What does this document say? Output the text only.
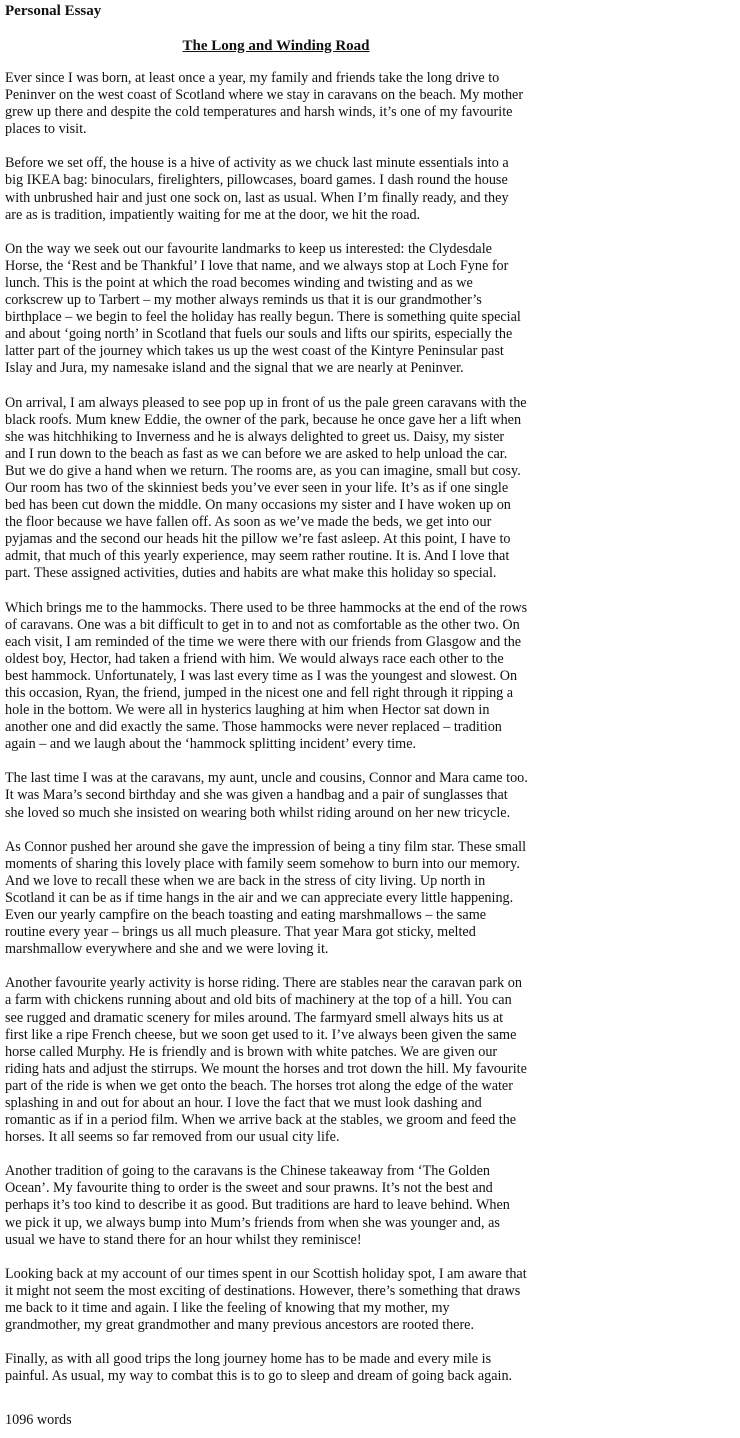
Personal Essay

The Long and Winding Road

Ever since I was born, at least once a year, my family and friends take the long drive to
Peninver on the west coast of Scotland where we stay in caravans on the beach. My mother
grew up there and despite the cold temperatures and harsh winds, it’s one of my favourite
places to visit.

Before we set off, the house is a hive of activity as we chuck last minute essentials into a
big IKEA bag: binoculars, firelighters, pillowcases, board games. I dash round the house
with unbrushed hair and just one sock on, last as usual. When I’m finally ready, and they
are as is tradition, impatiently waiting for me at the door, we hit the road.

On the way we seek out our favourite landmarks to keep us interested: the Clydesdale
Horse, the ‘Rest and be Thankful’ I love that name, and we always stop at Loch Fyne for
lunch. This is the point at which the road becomes winding and twisting and as we
corkscrew up to Tarbert – my mother always reminds us that it is our grandmother’s
birthplace – we begin to feel the holiday has really begun. There is something quite special
and about ‘going north’ in Scotland that fuels our souls and lifts our spirits, especially the
latter part of the journey which takes us up the west coast of the Kintyre Peninsular past
Islay and Jura, my namesake island and the signal that we are nearly at Peninver.

On arrival, I am always pleased to see pop up in front of us the pale green caravans with the
black roofs. Mum knew Eddie, the owner of the park, because he once gave her a lift when
she was hitchhiking to Inverness and he is always delighted to greet us. Daisy, my sister
and I run down to the beach as fast as we can before we are asked to help unload the car.
But we do give a hand when we return. The rooms are, as you can imagine, small but cosy.
Our room has two of the skinniest beds you’ve ever seen in your life. It’s as if one single
bed has been cut down the middle. On many occasions my sister and I have woken up on
the floor because we have fallen off. As soon as we’ve made the beds, we get into our
pyjamas and the second our heads hit the pillow we’re fast asleep. At this point, I have to
admit, that much of this yearly experience, may seem rather routine. It is. And I love that
part. These assigned activities, duties and habits are what make this holiday so special.

Which brings me to the hammocks. There used to be three hammocks at the end of the rows
of caravans. One was a bit difficult to get in to and not as comfortable as the other two. On
each visit, I am reminded of the time we were there with our friends from Glasgow and the
oldest boy, Hector, had taken a friend with him. We would always race each other to the
best hammock. Unfortunately, I was last every time as I was the youngest and slowest. On
this occasion, Ryan, the friend, jumped in the nicest one and fell right through it ripping a
hole in the bottom. We were all in hysterics laughing at him when Hector sat down in
another one and did exactly the same. Those hammocks were never replaced – tradition
again – and we laugh about the ‘hammock splitting incident’ every time.

The last time I was at the caravans, my aunt, uncle and cousins, Connor and Mara came too.
It was Mara’s second birthday and she was given a handbag and a pair of sunglasses that
she loved so much she insisted on wearing both whilst riding around on her new tricycle.

As Connor pushed her around she gave the impression of being a tiny film star. These small
moments of sharing this lovely place with family seem somehow to burn into our memory.
And we love to recall these when we are back in the stress of city living. Up north in
Scotland it can be as if time hangs in the air and we can appreciate every little happening.
Even our yearly campfire on the beach toasting and eating marshmallows – the same
routine every year – brings us all much pleasure. That year Mara got sticky, melted
marshmallow everywhere and she and we were loving it.

Another favourite yearly activity is horse riding. There are stables near the caravan park on
a farm with chickens running about and old bits of machinery at the top of a hill. You can
see rugged and dramatic scenery for miles around. The farmyard smell always hits us at
first like a ripe French cheese, but we soon get used to it. I’ve always been given the same
horse called Murphy. He is friendly and is brown with white patches. We are given our
riding hats and adjust the stirrups. We mount the horses and trot down the hill. My favourite
part of the ride is when we get onto the beach. The horses trot along the edge of the water
splashing in and out for about an hour. I love the fact that we must look dashing and
romantic as if in a period film. When we arrive back at the stables, we groom and feed the
horses. It all seems so far removed from our usual city life.

Another tradition of going to the caravans is the Chinese takeaway from ‘The Golden
Ocean’. My favourite thing to order is the sweet and sour prawns. It’s not the best and
perhaps it’s too kind to describe it as good. But traditions are hard to leave behind. When
we pick it up, we always bump into Mum’s friends from when she was younger and, as
usual we have to stand there for an hour whilst they reminisce!

Looking back at my account of our times spent in our Scottish holiday spot, I am aware that
it might not seem the most exciting of destinations. However, there’s something that draws
me back to it time and again. I like the feeling of knowing that my mother, my
grandmother, my great grandmother and many previous ancestors are rooted there.

Finally, as with all good trips the long journey home has to be made and every mile is
painful. As usual, my way to combat this is to go to sleep and dream of going back again.

1096 words
